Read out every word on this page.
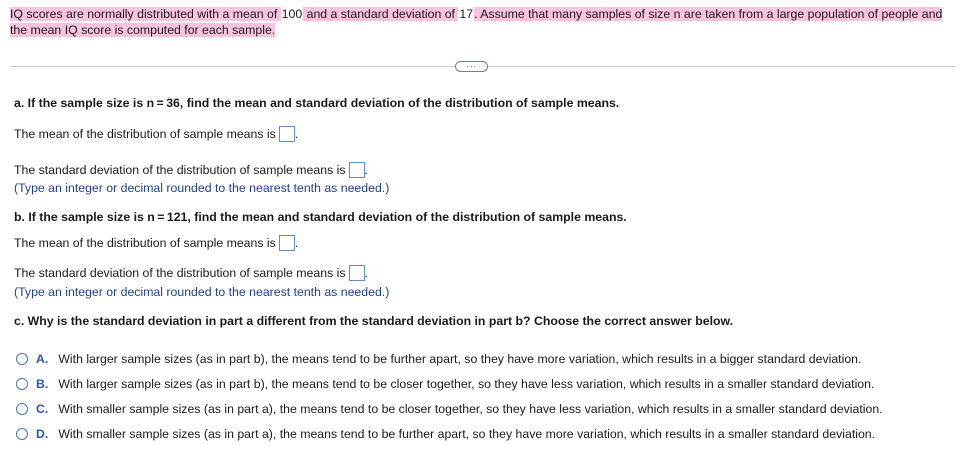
IQ scores are normally distributed with a mean of 100 and a standard deviation of 17. Assume that many samples of size n are taken from a large population of people and the mean IQ score is computed for each sample.
···
a. If the sample size is n = 36, find the mean and standard deviation of the distribution of sample means.
The mean of the distribution of sample means is .
The standard deviation of the distribution of sample means is .
(Type an integer or decimal rounded to the nearest tenth as needed.)
b. If the sample size is n = 121, find the mean and standard deviation of the distribution of sample means.
The mean of the distribution of sample means is .
The standard deviation of the distribution of sample means is .
(Type an integer or decimal rounded to the nearest tenth as needed.)
c. Why is the standard deviation in part a different from the standard deviation in part b? Choose the correct answer below.
A. With larger sample sizes (as in part b), the means tend to be further apart, so they have more variation, which results in a bigger standard deviation.
B. With larger sample sizes (as in part b), the means tend to be closer together, so they have less variation, which results in a smaller standard deviation.
C. With smaller sample sizes (as in part a), the means tend to be closer together, so they have less variation, which results in a smaller standard deviation.
D. With smaller sample sizes (as in part a), the means tend to be further apart, so they have more variation, which results in a smaller standard deviation.
